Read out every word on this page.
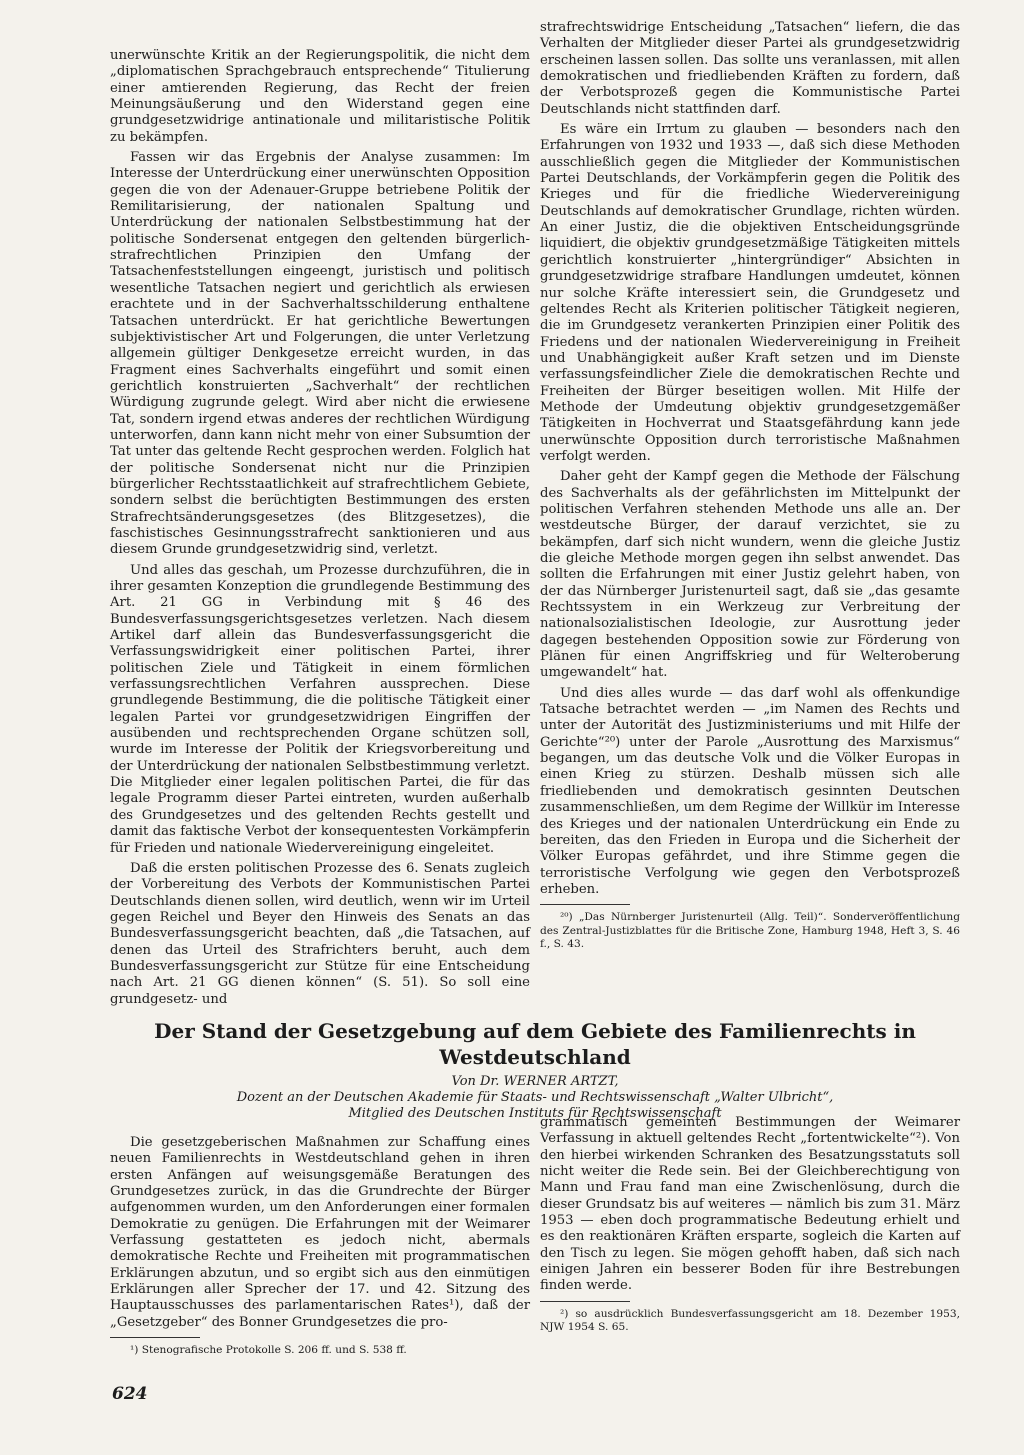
unerwünschte Kritik an der Regierungspolitik, die nicht dem „diplomatischen Sprachgebrauch entsprechende“ Titulierung einer amtierenden Regierung, das Recht der freien Meinungsäußerung und den Widerstand gegen eine grundgesetzwidrige antinationale und militaristische Politik zu bekämpfen.

Fassen wir das Ergebnis der Analyse zusammen: Im Interesse der Unterdrückung einer unerwünschten Opposition gegen die von der Adenauer-Gruppe betriebene Politik der Remilitarisierung, der nationalen Spaltung und Unterdrückung der nationalen Selbstbestimmung hat der politische Sondersenat entgegen den geltenden bürgerlich-strafrechtlichen Prinzipien den Umfang der Tatsachenfeststellungen eingeengt, juristisch und politisch wesentliche Tatsachen negiert und gerichtlich als erwiesen erachtete und in der Sachverhaltsschilderung enthaltene Tatsachen unterdrückt. Er hat gerichtliche Bewertungen subjektivistischer Art und Folgerungen, die unter Verletzung allgemein gültiger Denkgesetze erreicht wurden, in das Fragment eines Sachverhalts eingeführt und somit einen gerichtlich konstruierten „Sachverhalt“ der rechtlichen Würdigung zugrunde gelegt. Wird aber nicht die erwiesene Tat, sondern irgend etwas anderes der rechtlichen Würdigung unterworfen, dann kann nicht mehr von einer Subsumtion der Tat unter das geltende Recht gesprochen werden. Folglich hat der politische Sondersenat nicht nur die Prinzipien bürgerlicher Rechtsstaatlichkeit auf strafrechtlichem Gebiete, sondern selbst die berüchtigten Bestimmungen des ersten Strafrechtsänderungsgesetzes (des Blitzgesetzes), die faschistisches Gesinnungsstrafrecht sanktionieren und aus diesem Grunde grundgesetzwidrig sind, verletzt.

Und alles das geschah, um Prozesse durchzuführen, die in ihrer gesamten Konzeption die grundlegende Bestimmung des Art. 21 GG in Verbindung mit § 46 des Bundesverfassungsgerichtsgesetzes verletzen. Nach diesem Artikel darf allein das Bundesverfassungsgericht die Verfassungswidrigkeit einer politischen Partei, ihrer politischen Ziele und Tätigkeit in einem förmlichen verfassungsrechtlichen Verfahren aussprechen. Diese grundlegende Bestimmung, die die politische Tätigkeit einer legalen Partei vor grundgesetzwidrigen Eingriffen der ausübenden und rechtsprechenden Organe schützen soll, wurde im Interesse der Politik der Kriegsvorbereitung und der Unterdrückung der nationalen Selbstbestimmung verletzt. Die Mitglieder einer legalen politischen Partei, die für das legale Programm dieser Partei eintreten, wurden außerhalb des Grundgesetzes und des geltenden Rechts gestellt und damit das faktische Verbot der konsequentesten Vorkämpferin für Frieden und nationale Wiedervereinigung eingeleitet.

Daß die ersten politischen Prozesse des 6. Senats zugleich der Vorbereitung des Verbots der Kommunistischen Partei Deutschlands dienen sollen, wird deutlich, wenn wir im Urteil gegen Reichel und Beyer den Hinweis des Senats an das Bundesverfassungsgericht beachten, daß „die Tatsachen, auf denen das Urteil des Strafrichters beruht, auch dem Bundesverfassungsgericht zur Stütze für eine Entscheidung nach Art. 21 GG dienen können“ (S. 51). So soll eine grundgesetz- und

strafrechtswidrige Entscheidung „Tatsachen“ liefern, die das Verhalten der Mitglieder dieser Partei als grundgesetzwidrig erscheinen lassen sollen. Das sollte uns veranlassen, mit allen demokratischen und friedliebenden Kräften zu fordern, daß der Verbotsprozeß gegen die Kommunistische Partei Deutschlands nicht stattfinden darf.

Es wäre ein Irrtum zu glauben — besonders nach den Erfahrungen von 1932 und 1933 —, daß sich diese Methoden ausschließlich gegen die Mitglieder der Kommunistischen Partei Deutschlands, der Vorkämpferin gegen die Politik des Krieges und für die friedliche Wiedervereinigung Deutschlands auf demokratischer Grundlage, richten würden. An einer Justiz, die die objektiven Entscheidungsgründe liquidiert, die objektiv grundgesetzmäßige Tätigkeiten mittels gerichtlich konstruierter „hintergründiger“ Absichten in grundgesetzwidrige strafbare Handlungen umdeutet, können nur solche Kräfte interessiert sein, die Grundgesetz und geltendes Recht als Kriterien politischer Tätigkeit negieren, die im Grundgesetz verankerten Prinzipien einer Politik des Friedens und der nationalen Wiedervereinigung in Freiheit und Unabhängigkeit außer Kraft setzen und im Dienste verfassungsfeindlicher Ziele die demokratischen Rechte und Freiheiten der Bürger beseitigen wollen. Mit Hilfe der Methode der Umdeutung objektiv grundgesetzgemäßer Tätigkeiten in Hochverrat und Staatsgefährdung kann jede unerwünschte Opposition durch terroristische Maßnahmen verfolgt werden.

Daher geht der Kampf gegen die Methode der Fälschung des Sachverhalts als der gefährlichsten im Mittelpunkt der politischen Verfahren stehenden Methode uns alle an. Der westdeutsche Bürger, der darauf verzichtet, sie zu bekämpfen, darf sich nicht wundern, wenn die gleiche Justiz die gleiche Methode morgen gegen ihn selbst anwendet. Das sollten die Erfahrungen mit einer Justiz gelehrt haben, von der das Nürnberger Juristenurteil sagt, daß sie „das gesamte Rechtssystem in ein Werkzeug zur Verbreitung der nationalsozialistischen Ideologie, zur Ausrottung jeder dagegen bestehenden Opposition sowie zur Förderung von Plänen für einen Angriffskrieg und für Welteroberung umgewandelt“ hat.

Und dies alles wurde — das darf wohl als offenkundige Tatsache betrachtet werden — „im Namen des Rechts und unter der Autorität des Justizministeriums und mit Hilfe der Gerichte“²⁰) unter der Parole „Ausrottung des Marxismus“ begangen, um das deutsche Volk und die Völker Europas in einen Krieg zu stürzen. Deshalb müssen sich alle friedliebenden und demokratisch gesinnten Deutschen zusammenschließen, um dem Regime der Willkür im Interesse des Krieges und der nationalen Unterdrückung ein Ende zu bereiten, das den Frieden in Europa und die Sicherheit der Völker Europas gefährdet, und ihre Stimme gegen die terroristische Verfolgung wie gegen den Verbotsprozeß erheben.

²⁰) „Das Nürnberger Juristenurteil (Allg. Teil)“. Sonderveröffentlichung des Zentral-Justizblattes für die Britische Zone, Hamburg 1948, Heft 3, S. 46 f., S. 43.

Der Stand der Gesetzgebung auf dem Gebiete des Familienrechts in Westdeutschland
Von Dr. WERNER ARTZT,
Dozent an der Deutschen Akademie für Staats- und Rechtswissenschaft „Walter Ulbricht“,
Mitglied des Deutschen Instituts für Rechtswissenschaft

Die gesetzgeberischen Maßnahmen zur Schaffung eines neuen Familienrechts in Westdeutschland gehen in ihren ersten Anfängen auf weisungsgemäße Beratungen des Grundgesetzes zurück, in das die Grundrechte der Bürger aufgenommen wurden, um den Anforderungen einer formalen Demokratie zu genügen. Die Erfahrungen mit der Weimarer Verfassung gestatteten es jedoch nicht, abermals demokratische Rechte und Freiheiten mit programmatischen Erklärungen abzutun, und so ergibt sich aus den einmütigen Erklärungen aller Sprecher der 17. und 42. Sitzung des Hauptausschusses des parlamentarischen Rates¹), daß der „Gesetzgeber“ des Bonner Grundgesetzes die pro-

¹) Stenografische Protokolle S. 206 ff. und S. 538 ff.

grammatisch gemeinten Bestimmungen der Weimarer Verfassung in aktuell geltendes Recht „fortentwickelte“²). Von den hierbei wirkenden Schranken des Besatzungsstatuts soll nicht weiter die Rede sein. Bei der Gleichberechtigung von Mann und Frau fand man eine Zwischenlösung, durch die dieser Grundsatz bis auf weiteres — nämlich bis zum 31. März 1953 — eben doch programmatische Bedeutung erhielt und es den reaktionären Kräften ersparte, sogleich die Karten auf den Tisch zu legen. Sie mögen gehofft haben, daß sich nach einigen Jahren ein besserer Boden für ihre Bestrebungen finden werde.

²) so ausdrücklich Bundesverfassungsgericht am 18. Dezember 1953, NJW 1954 S. 65.

624
